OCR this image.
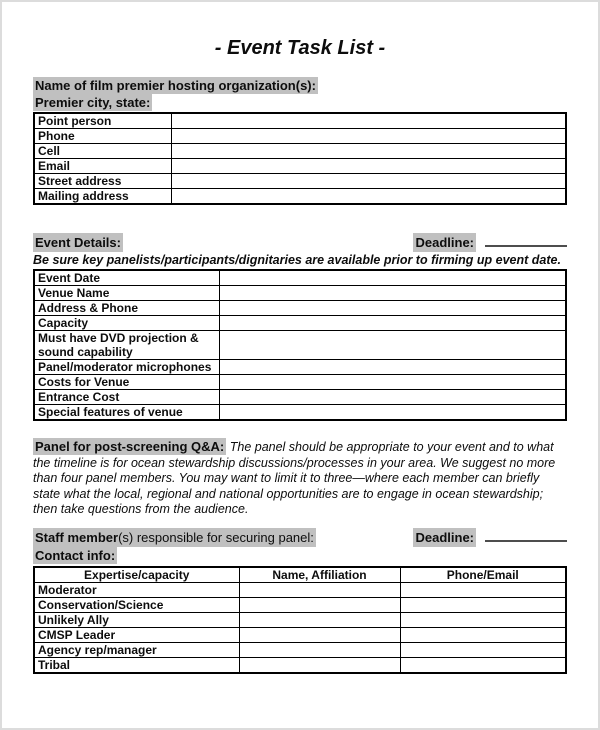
- Event Task List -
Name of film premier hosting organization(s):
Premier city, state:
Point person	
Phone	
Cell	
Email	
Street address	
Mailing address	
Event Details:	Deadline:
Be sure key panelists/participants/dignitaries are available prior to firming up event date.
Event Date	
Venue Name	
Address & Phone	
Capacity	
Must have DVD projection & sound capability	
Panel/moderator microphones	
Costs for Venue	
Entrance Cost	
Special features of venue	
Panel for post-screening Q&A: The panel should be appropriate to your event and to what the timeline is for ocean stewardship discussions/processes in your area. We suggest no more than four panel members. You may want to limit it to three—where each member can briefly state what the local, regional and national opportunities are to engage in ocean stewardship; then take questions from the audience.
Staff member(s) responsible for securing panel:	Deadline:
Contact info:
Expertise/capacity	Name, Affiliation	Phone/Email
Moderator		
Conservation/Science		
Unlikely Ally		
CMSP Leader		
Agency rep/manager		
Tribal		
